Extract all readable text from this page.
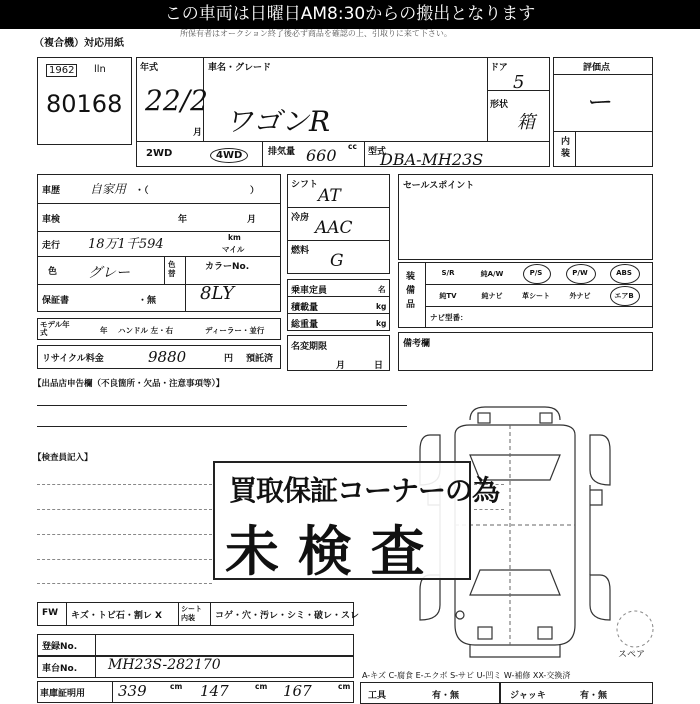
この車両は日曜日AM8:30からの搬出となります
所保有者はオークション終了後必ず商品を確認の上、引取りに来て下さい。
（複合機）対応用紙
1962	lln
80168
年式
22/2
月
車名・グレード
ワゴンR
ドア
5
形状
箱
2WD	4WD	排気量 660 cc
型式
DBA-MH23S
評価点
ー
内装
車歴 自家用 ・（	）
車検	年	月
走行 18万1千594	km
マイル
色 グレー
色替
カラーNo.
8LY
保証書	・無
モデル年式	年 ハンドル 左・右	ディーラー・並行
リサイクル料金	9880	円 預託済
シフト
AT
冷房 AAC
燃料 G
乗車定員	名
積載量	kg
総重量	kg
名変期限
月	日
セールスポイント
装備品
S/R	純A/W	P/S	P/W	ABS
純TV	純ナビ	革シート	外ナビ	エアB
ナビ型番：
備考欄
【出品店申告欄（不良箇所・欠品・注意事項等）】
【検査員記入】
スペア
買取保証コーナーの為
未 検 査
FW キズ・トビ石・割レ X
シート内装	コゲ・穴・汚レ・シミ・破レ・スレ
登録No.
車台No. MH23S-282170
車庫証明用 339	cm 147	cm 167	cm
A-キズ C-腐食 E-エクボ S-サビ U-凹ミ W-補修 XX-交換済
工具	有・無	ジャッキ	有・無
